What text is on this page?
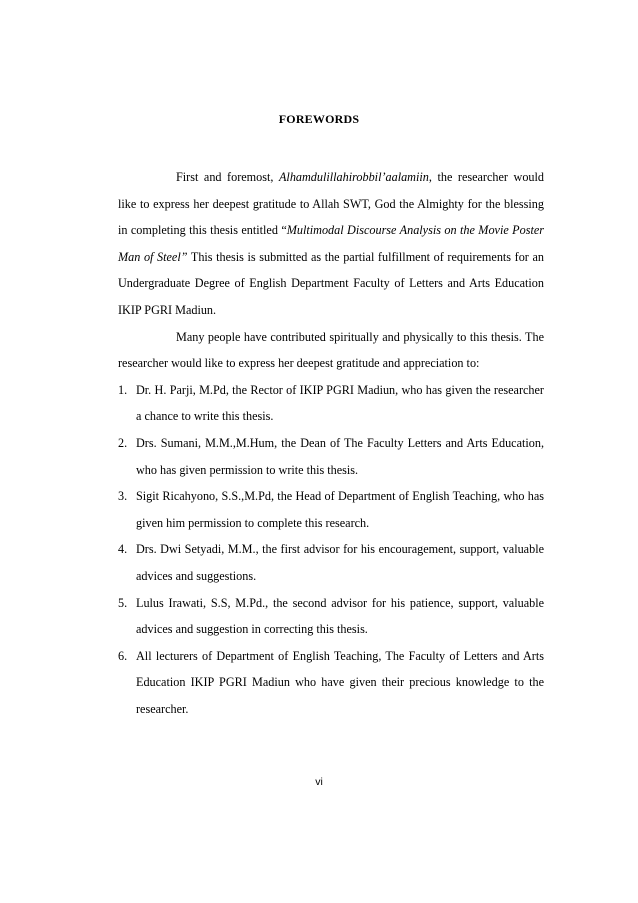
FOREWORDS

First and foremost, Alhamdulillahirobbil’aalamiin, the researcher would like to express her deepest gratitude to Allah SWT, God the Almighty for the blessing in completing this thesis entitled “Multimodal Discourse Analysis on the Movie Poster Man of Steel” This thesis is submitted as the partial fulfillment of requirements for an Undergraduate Degree of English Department Faculty of Letters and Arts Education IKIP PGRI Madiun.

Many people have contributed spiritually and physically to this thesis. The researcher would like to express her deepest gratitude and appreciation to:

1. Dr. H. Parji, M.Pd, the Rector of IKIP PGRI Madiun, who has given the researcher a chance to write this thesis.
2. Drs. Sumani, M.M.,M.Hum, the Dean of The Faculty Letters and Arts Education, who has given permission to write this thesis.
3. Sigit Ricahyono, S.S.,M.Pd, the Head of Department of English Teaching, who has given him permission to complete this research.
4. Drs. Dwi Setyadi, M.M., the first advisor for his encouragement, support, valuable advices and suggestions.
5. Lulus Irawati, S.S, M.Pd., the second advisor for his patience, support, valuable advices and suggestion in correcting this thesis.
6. All lecturers of Department of English Teaching, The Faculty of Letters and Arts Education IKIP PGRI Madiun who have given their precious knowledge to the researcher.
vi
